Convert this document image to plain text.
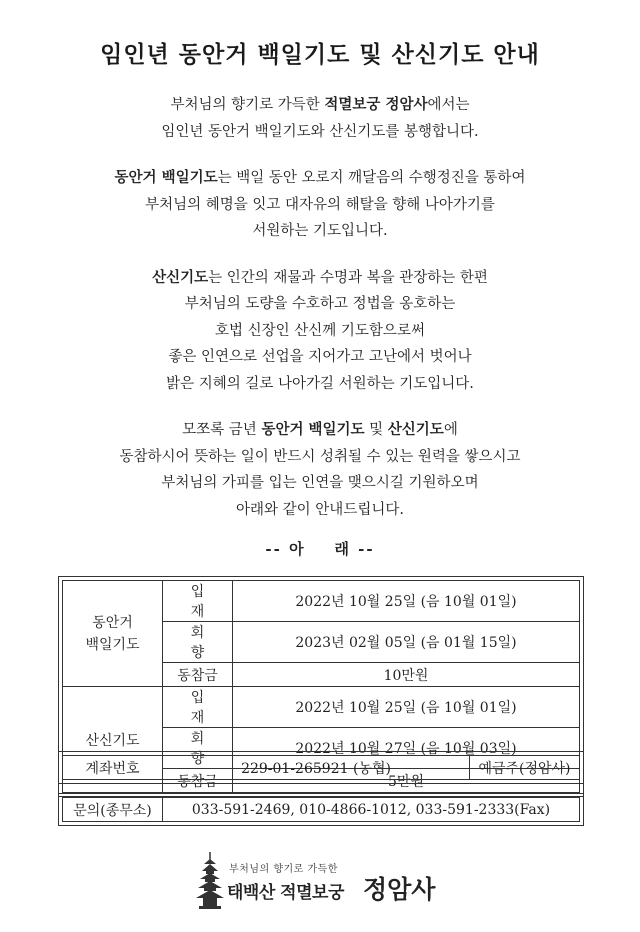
임인년 동안거 백일기도 및 산신기도 안내
부처님의 향기로 가득한 적멸보궁 정암사에서는
임인년 동안거 백일기도와 산신기도를 봉행합니다.
동안거 백일기도는 백일 동안 오로지 깨달음의 수행정진을 통하여
부처님의 혜명을 잇고 대자유의 해탈을 향해 나아가기를
서원하는 기도입니다.
산신기도는 인간의 재물과 수명과 복을 관장하는 한편
부처님의 도량을 수호하고 정법을 옹호하는
호법 신장인 산신께 기도함으로써
좋은 인연으로 선업을 지어가고 고난에서 벗어나
밝은 지혜의 길로 나아가길 서원하는 기도입니다.
모쪼록 금년 동안거 백일기도 및 산신기도에
동참하시어 뜻하는 일이 반드시 성취될 수 있는 원력을 쌓으시고
부처님의 가피를 입는 인연을 맺으시길 기원하오며
아래와 같이 안내드립니다.
-- 아    래 --
동안거
백일기도	입재	2022년 10월 25일 (음 10월 01일)
	회향	2023년 02월 05일 (음 01월 15일)
	동참금	10만원
산신기도	입재	2022년 10월 25일 (음 10월 01일)
	회향	2022년 10월 27일 (음 10월 03일)
	동참금	5만원
계좌번호	229-01-265921 (농협)	예금주(정암사)
문의(종무소)	033-591-2469, 010-4866-1012, 033-591-2333(Fax)
부처님의 향기로 가득한
태백산 적멸보궁 정암사
